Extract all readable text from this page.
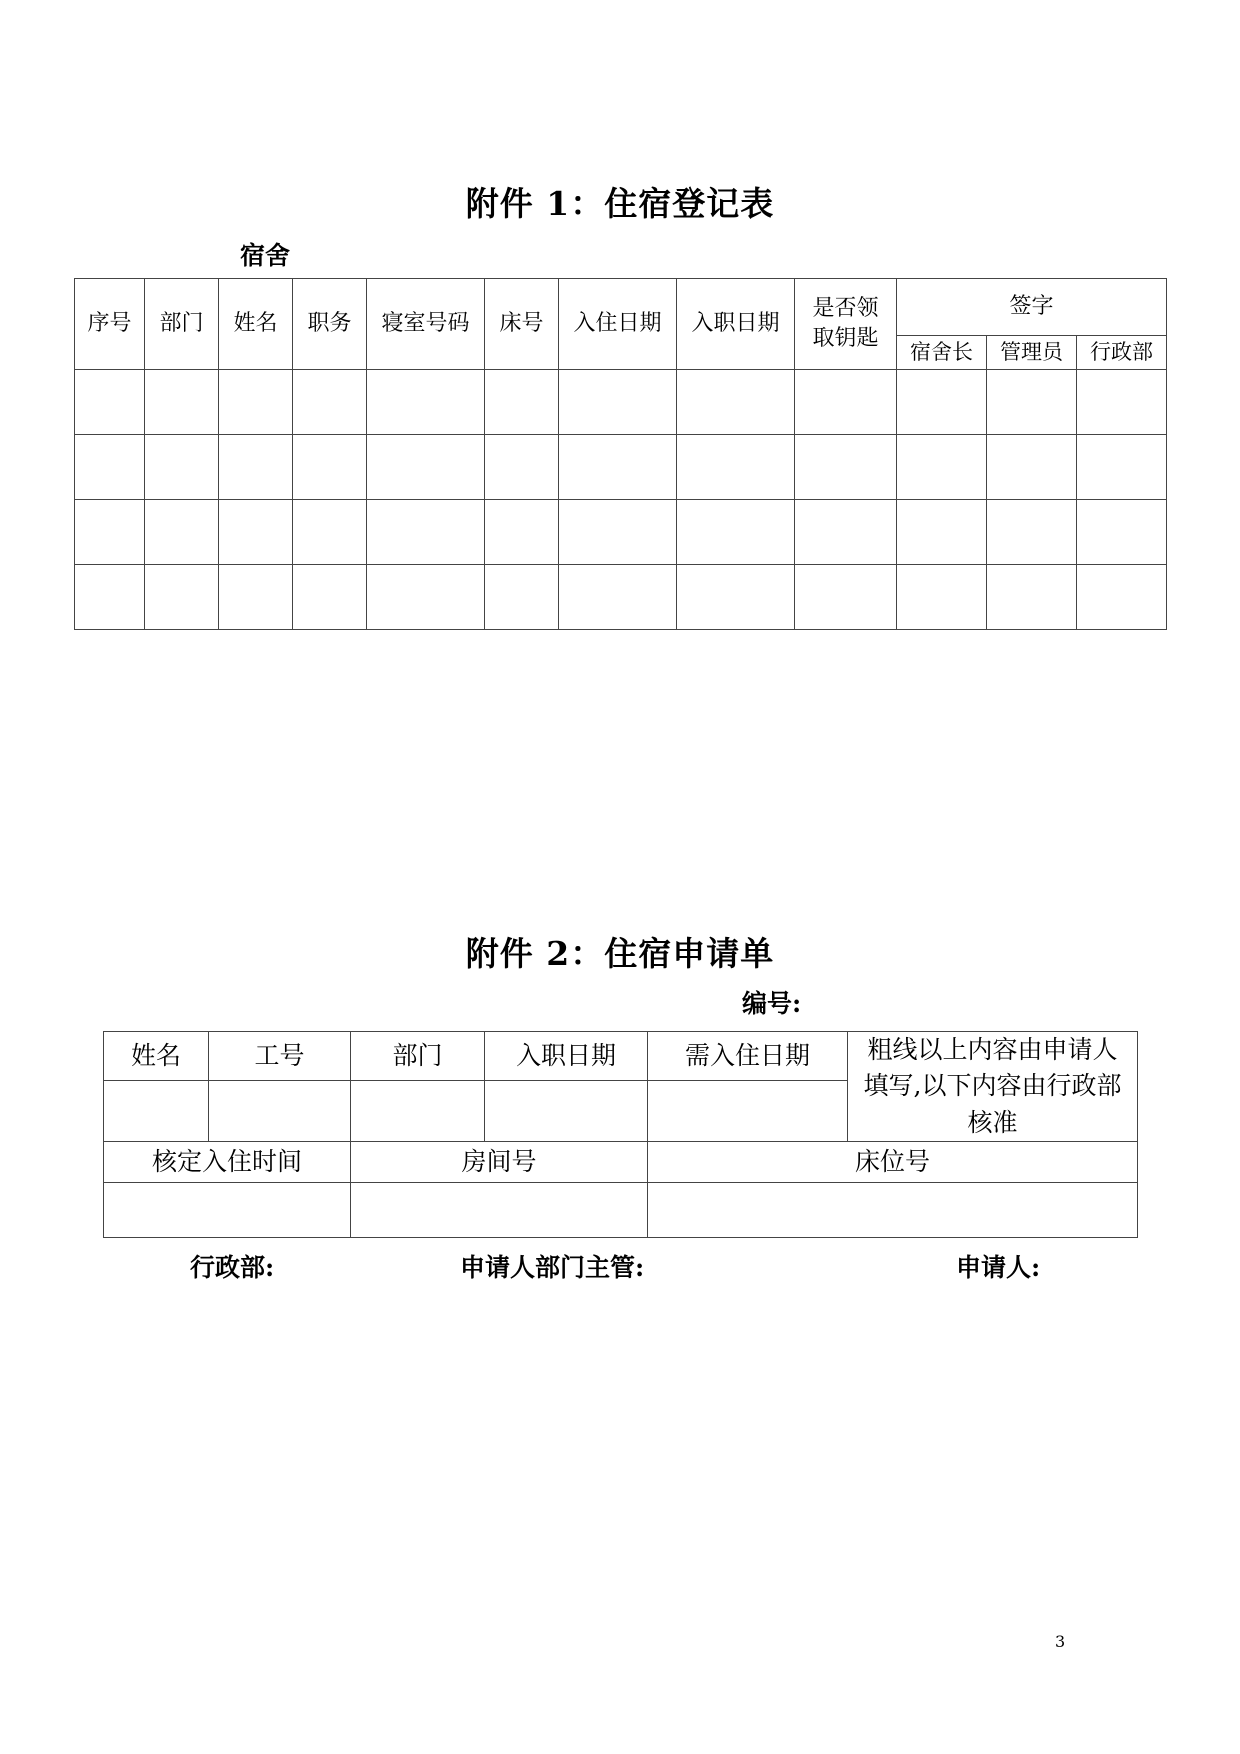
附件 1：住宿登记表
宿舍
序号	部门	姓名	职务	寝室号码	床号	入住日期	入职日期	是否领取钥匙	签字		
									宿舍长	管理员	行政部

附件 2：住宿申请单
编号:
姓名	工号	部门	入职日期	需入住日期	粗线以上内容由申请人填写,以下内容由行政部核准

核定入住时间		房间号		床位号	

行政部:	申请人部门主管:	申请人:
3
